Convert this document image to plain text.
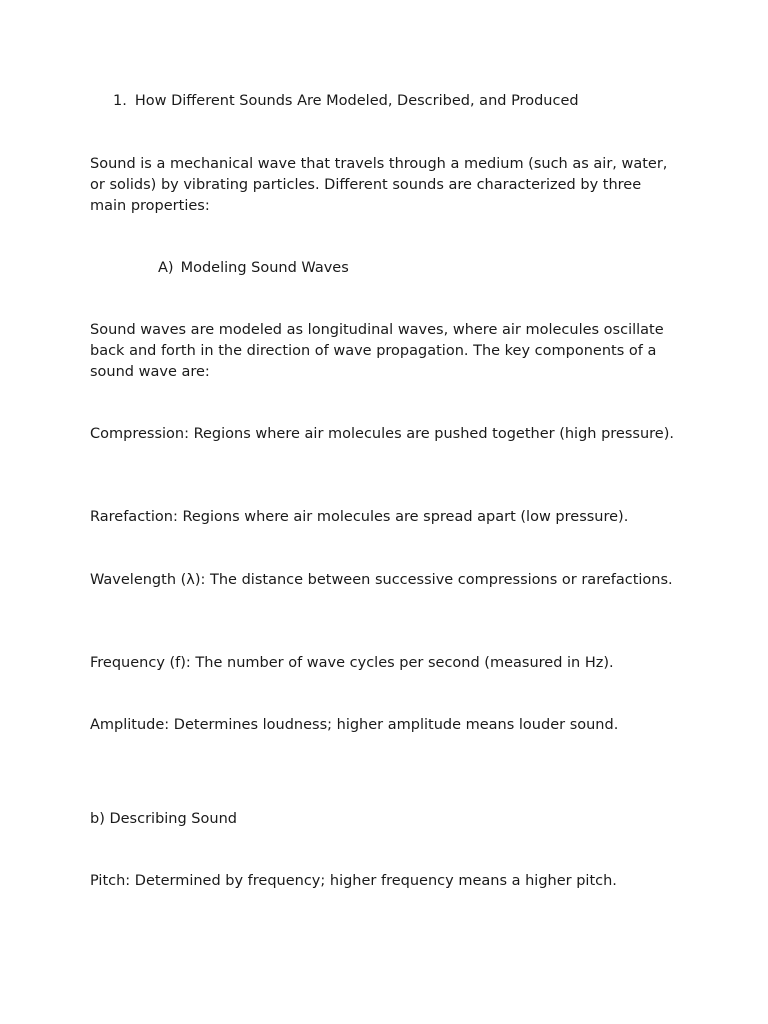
1. How Different Sounds Are Modeled, Described, and Produced

Sound is a mechanical wave that travels through a medium (such as air, water, or solids) by vibrating particles. Different sounds are characterized by three main properties:

A) Modeling Sound Waves

Sound waves are modeled as longitudinal waves, where air molecules oscillate back and forth in the direction of wave propagation. The key components of a sound wave are:

Compression: Regions where air molecules are pushed together (high pressure).

Rarefaction: Regions where air molecules are spread apart (low pressure).

Wavelength (λ): The distance between successive compressions or rarefactions.

Frequency (f): The number of wave cycles per second (measured in Hz).

Amplitude: Determines loudness; higher amplitude means louder sound.

b) Describing Sound

Pitch: Determined by frequency; higher frequency means a higher pitch.
